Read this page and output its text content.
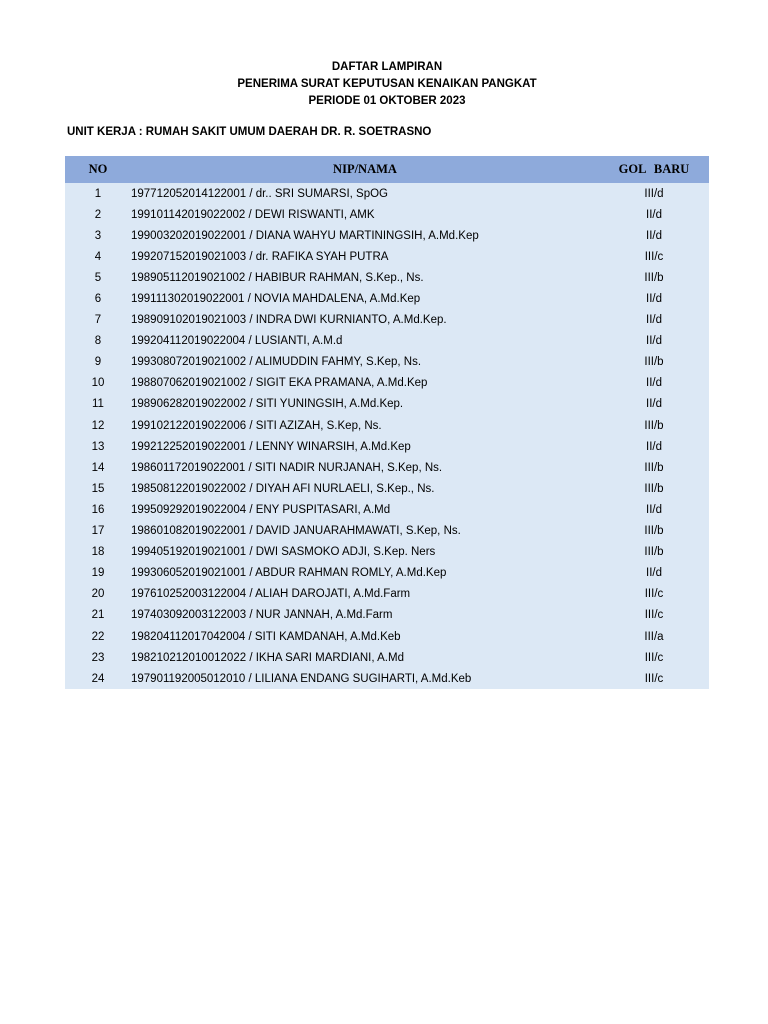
DAFTAR LAMPIRAN
PENERIMA SURAT KEPUTUSAN KENAIKAN PANGKAT
PERIODE 01 OKTOBER 2023
UNIT KERJA : RUMAH SAKIT UMUM DAERAH DR. R. SOETRASNO
NO	NIP/NAMA	GOL BARU
1	197712052014122001 / dr.. SRI SUMARSI, SpOG	III/d
2	199101142019022002 / DEWI RISWANTI, AMK	II/d
3	199003202019022001 / DIANA WAHYU MARTININGSIH, A.Md.Kep	II/d
4	199207152019021003 / dr. RAFIKA SYAH PUTRA	III/c
5	198905112019021002 / HABIBUR RAHMAN, S.Kep., Ns.	III/b
6	199111302019022001 / NOVIA MAHDALENA, A.Md.Kep	II/d
7	198909102019021003 / INDRA DWI KURNIANTO, A.Md.Kep.	II/d
8	199204112019022004 / LUSIANTI, A.M.d	II/d
9	199308072019021002 / ALIMUDDIN FAHMY, S.Kep, Ns.	III/b
10	198807062019021002 / SIGIT EKA PRAMANA, A.Md.Kep	II/d
11	198906282019022002 / SITI YUNINGSIH, A.Md.Kep.	II/d
12	199102122019022006 / SITI AZIZAH, S.Kep, Ns.	III/b
13	199212252019022001 / LENNY WINARSIH, A.Md.Kep	II/d
14	198601172019022001 / SITI NADIR NURJANAH, S.Kep, Ns.	III/b
15	198508122019022002 / DIYAH AFI NURLAELI, S.Kep., Ns.	III/b
16	199509292019022004 / ENY PUSPITASARI, A.Md	II/d
17	198601082019022001 / DAVID JANUARAHMAWATI, S.Kep, Ns.	III/b
18	199405192019021001 / DWI SASMOKO ADJI, S.Kep. Ners	III/b
19	199306052019021001 / ABDUR RAHMAN ROMLY, A.Md.Kep	II/d
20	197610252003122004 / ALIAH DAROJATI, A.Md.Farm	III/c
21	197403092003122003 / NUR JANNAH, A.Md.Farm	III/c
22	198204112017042004 / SITI KAMDANAH, A.Md.Keb	III/a
23	198210212010012022 / IKHA SARI MARDIANI, A.Md	III/c
24	197901192005012010 / LILIANA ENDANG SUGIHARTI, A.Md.Keb	III/c
